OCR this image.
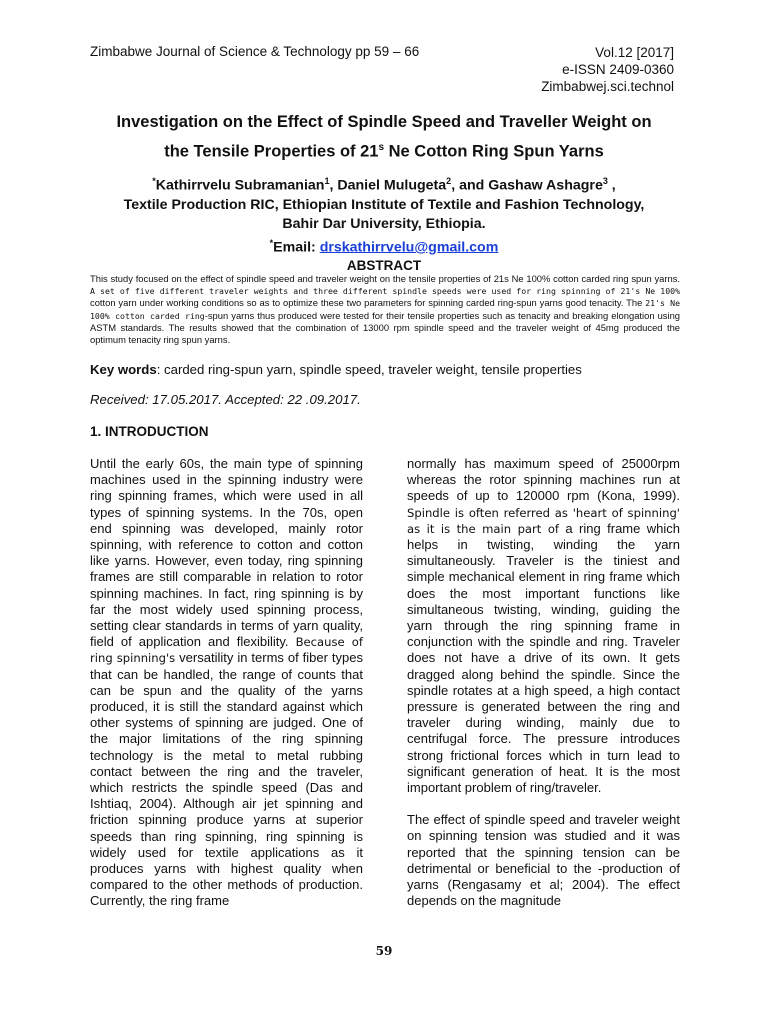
Zimbabwe Journal of Science & Technology pp 59 – 66	Vol.12 [2017]
e-ISSN 2409-0360
Zimbabwej.sci.technol
Investigation on the Effect of Spindle Speed and Traveller Weight on
the Tensile Properties of 21$^s$ Ne Cotton Ring Spun Yarns
*Kathirrvelu Subramanian$^1$, Daniel Mulugeta$^2$, and Gashaw Ashagre$^3$ ,
Textile Production RIC, Ethiopian Institute of Textile and Fashion Technology,
Bahir Dar University, Ethiopia.
*Email: drskathirrvelu@gmail.com
ABSTRACT
This study focused on the effect of spindle speed and traveler weight on the tensile properties of 21s Ne 100% cotton carded ring spun yarns. A set of five different traveler weights and three different spindle speeds were used for ring spinning of 21's Ne 100% cotton yarn under working conditions so as to optimize these two parameters for spinning carded ring-spun yarns good tenacity. The 21's Ne 100% cotton carded ring-spun yarns thus produced were tested for their tensile properties such as tenacity and breaking elongation using ASTM standards. The results showed that the combination of 13000 rpm spindle speed and the traveler weight of 45mg produced the optimum tenacity ring spun yarns.
Key words: carded ring-spun yarn, spindle speed, traveler weight, tensile properties
Received: 17.05.2017. Accepted: 22 .09.2017.
1. INTRODUCTION

Until the early 60s, the main type of spinning machines used in the spinning industry were ring spinning frames, which were used in all types of spinning systems. In the 70s, open end spinning was developed, mainly rotor spinning, with reference to cotton and cotton like yarns. However, even today, ring spinning frames are still comparable in relation to rotor spinning machines. In fact, ring spinning is by far the most widely used spinning process, setting clear standards in terms of yarn quality, field of application and flexibility. Because of ring spinning's versatility in terms of fiber types that can be handled, the range of counts that can be spun and the quality of the yarns produced, it is still the standard against which other systems of spinning are judged. One of the major limitations of the ring spinning technology is the metal to metal rubbing contact between the ring and the traveler, which restricts the spindle speed (Das and Ishtiaq, 2004). Although air jet spinning and friction spinning produce yarns at superior speeds than ring spinning, ring spinning is widely used for textile applications as it produces yarns with highest quality when compared to the other methods of production. Currently, the ring frame

normally has maximum speed of 25000rpm whereas the rotor spinning machines run at speeds of up to 120000 rpm (Kona, 1999). Spindle is often referred as 'heart of spinning' as it is the main part of a ring frame which helps in twisting, winding the yarn simultaneously. Traveler is the tiniest and simple mechanical element in ring frame which does the most important functions like simultaneous twisting, winding, guiding the yarn through the ring spinning frame in conjunction with the spindle and ring. Traveler does not have a drive of its own. It gets dragged along behind the spindle. Since the spindle rotates at a high speed, a high contact pressure is generated between the ring and traveler during winding, mainly due to centrifugal force. The pressure introduces strong frictional forces which in turn lead to significant generation of heat. It is the most important problem of ring/traveler.

The effect of spindle speed and traveler weight on spinning tension was studied and it was reported that the spinning tension can be detrimental or beneficial to the -production of yarns (Rengasamy et al; 2004). The effect depends on the magnitude

59
